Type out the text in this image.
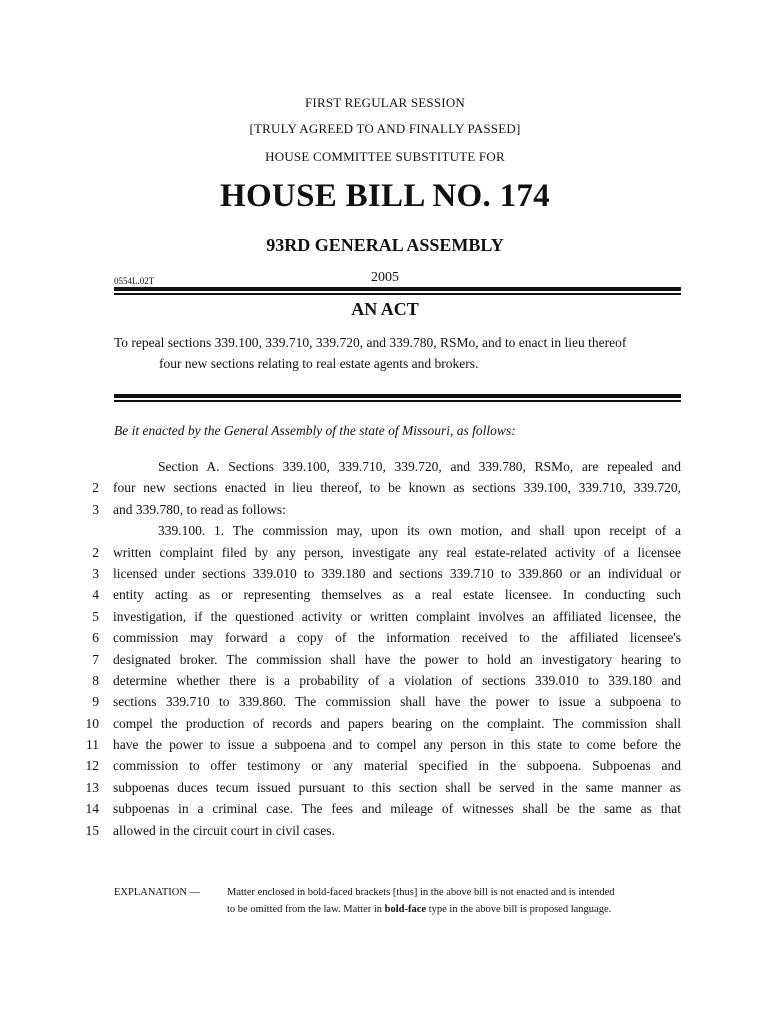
FIRST REGULAR SESSION
[TRULY AGREED TO AND FINALLY PASSED]
HOUSE COMMITTEE SUBSTITUTE FOR
HOUSE BILL NO. 174
93RD GENERAL ASSEMBLY
2005
0554L.02T
AN ACT
To repeal sections 339.100, 339.710, 339.720, and 339.780, RSMo, and to enact in lieu thereof
four new sections relating to real estate agents and brokers.
Be it enacted by the General Assembly of the state of Missouri, as follows:
Section A. Sections 339.100, 339.710, 339.720, and 339.780, RSMo, are repealed and
2 four new sections enacted in lieu thereof, to be known as sections 339.100, 339.710, 339.720,
3 and 339.780, to read as follows:
339.100. 1. The commission may, upon its own motion, and shall upon receipt of a
2 written complaint filed by any person, investigate any real estate-related activity of a licensee
3 licensed under sections 339.010 to 339.180 and sections 339.710 to 339.860 or an individual or
4 entity acting as or representing themselves as a real estate licensee. In conducting such
5 investigation, if the questioned activity or written complaint involves an affiliated licensee, the
6 commission may forward a copy of the information received to the affiliated licensee's
7 designated broker. The commission shall have the power to hold an investigatory hearing to
8 determine whether there is a probability of a violation of sections 339.010 to 339.180 and
9 sections 339.710 to 339.860. The commission shall have the power to issue a subpoena to
10 compel the production of records and papers bearing on the complaint. The commission shall
11 have the power to issue a subpoena and to compel any person in this state to come before the
12 commission to offer testimony or any material specified in the subpoena. Subpoenas and
13 subpoenas duces tecum issued pursuant to this section shall be served in the same manner as
14 subpoenas in a criminal case. The fees and mileage of witnesses shall be the same as that
15 allowed in the circuit court in civil cases.
EXPLANATION —	Matter enclosed in bold-faced brackets [thus] in the above bill is not enacted and is intended
to be omitted from the law. Matter in bold-face type in the above bill is proposed language.
